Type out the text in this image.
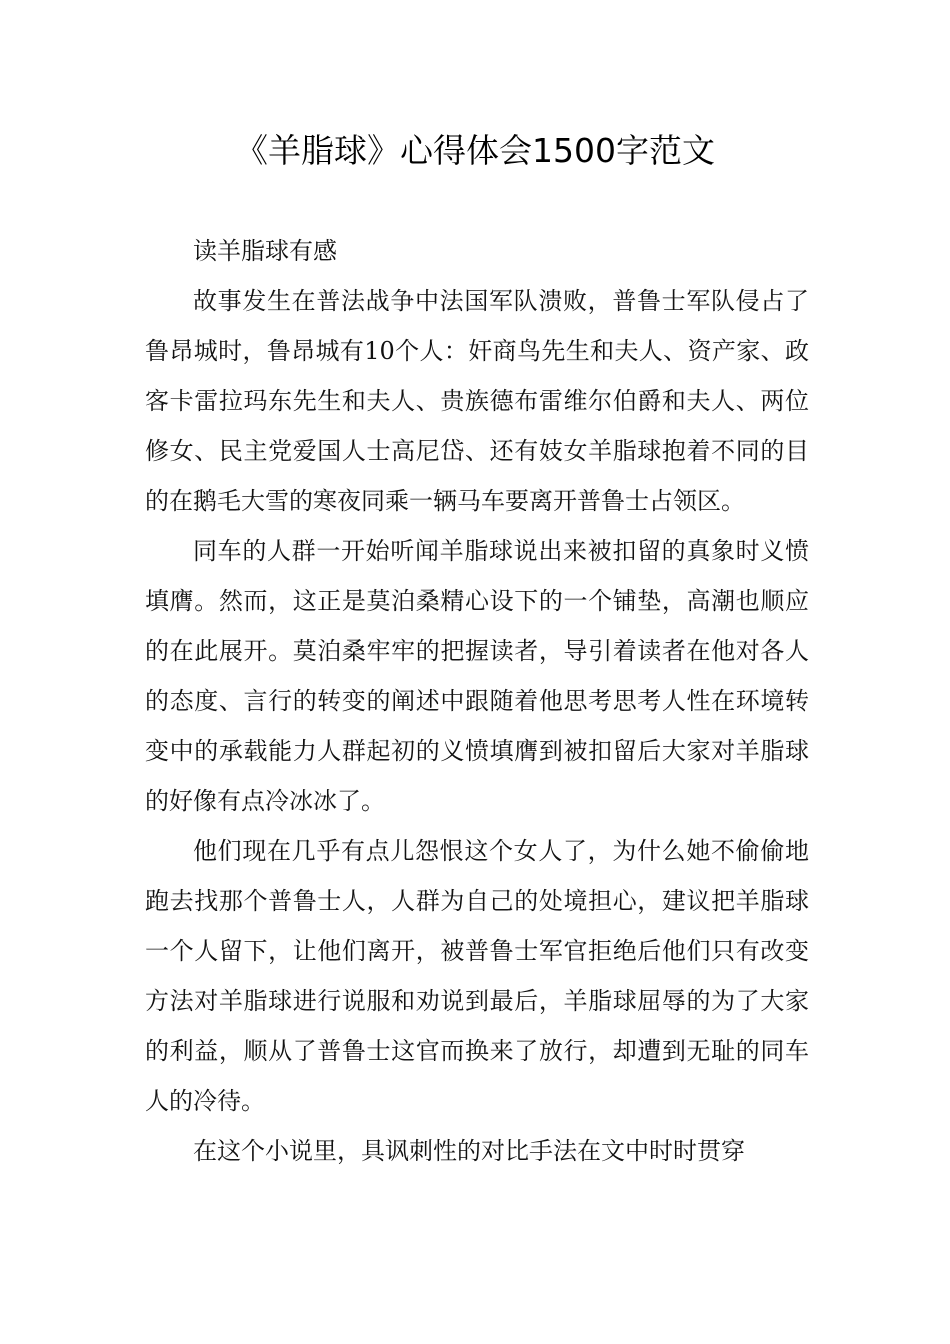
《羊脂球》心得体会1500字范文

读羊脂球有感

故事发生在普法战争中法国军队溃败，普鲁士军队侵占了鲁昂城时，鲁昂城有10个人：奸商鸟先生和夫人、资产家、政客卡雷拉玛东先生和夫人、贵族德布雷维尔伯爵和夫人、两位修女、民主党爱国人士高尼岱、还有妓女羊脂球抱着不同的目的在鹅毛大雪的寒夜同乘一辆马车要离开普鲁士占领区。

同车的人群一开始听闻羊脂球说出来被扣留的真象时义愤填膺。然而，这正是莫泊桑精心设下的一个铺垫，高潮也顺应的在此展开。莫泊桑牢牢的把握读者，导引着读者在他对各人的态度、言行的转变的阐述中跟随着他思考思考人性在环境转变中的承载能力人群起初的义愤填膺到被扣留后大家对羊脂球的好像有点冷冰冰了。

他们现在几乎有点儿怨恨这个女人了，为什么她不偷偷地跑去找那个普鲁士人，人群为自己的处境担心，建议把羊脂球一个人留下，让他们离开，被普鲁士军官拒绝后他们只有改变方法对羊脂球进行说服和劝说到最后，羊脂球屈辱的为了大家的利益，顺从了普鲁士这官而换来了放行，却遭到无耻的同车人的冷待。

在这个小说里，具讽刺性的对比手法在文中时时贯穿
